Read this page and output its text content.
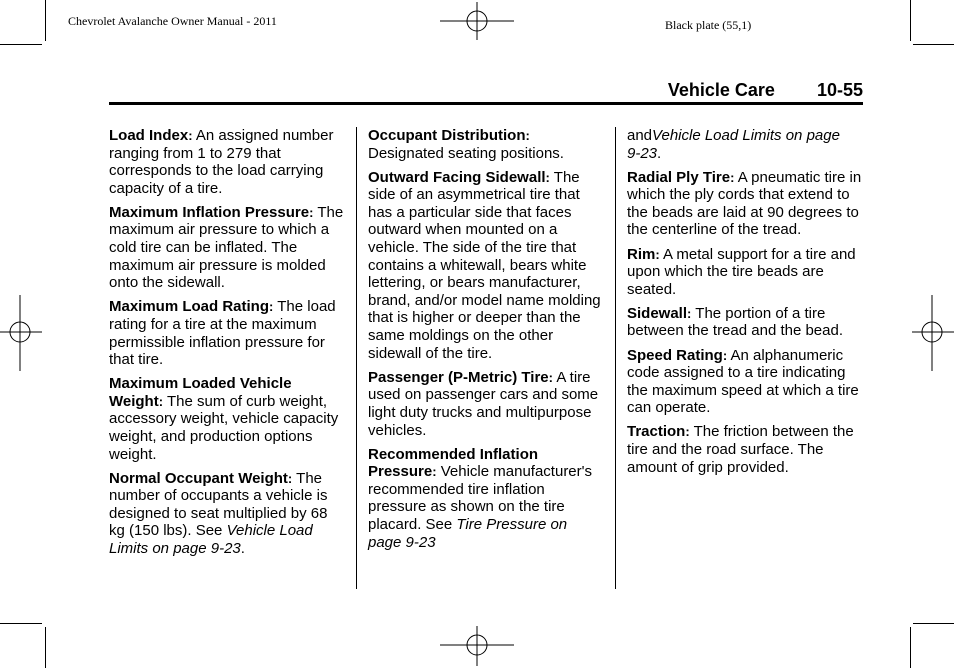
Chevrolet Avalanche Owner Manual - 2011	Black plate (55,1)
Vehicle Care 10-55

Load Index: An assigned number ranging from 1 to 279 that corresponds to the load carrying capacity of a tire.

Maximum Inflation Pressure: The maximum air pressure to which a cold tire can be inflated. The maximum air pressure is molded onto the sidewall.

Maximum Load Rating: The load rating for a tire at the maximum permissible inflation pressure for that tire.

Maximum Loaded Vehicle Weight: The sum of curb weight, accessory weight, vehicle capacity weight, and production options weight.

Normal Occupant Weight: The number of occupants a vehicle is designed to seat multiplied by 68 kg (150 lbs). See Vehicle Load Limits on page 9‑23.

Occupant Distribution: Designated seating positions.

Outward Facing Sidewall: The side of an asymmetrical tire that has a particular side that faces outward when mounted on a vehicle. The side of the tire that contains a whitewall, bears white lettering, or bears manufacturer, brand, and/or model name molding that is higher or deeper than the same moldings on the other sidewall of the tire.

Passenger (P‑Metric) Tire: A tire used on passenger cars and some light duty trucks and multipurpose vehicles.

Recommended Inflation Pressure: Vehicle manufacturer's recommended tire inflation pressure as shown on the tire placard. See Tire Pressure on page 9‑23

andVehicle Load Limits on page 9‑23.

Radial Ply Tire: A pneumatic tire in which the ply cords that extend to the beads are laid at 90 degrees to the centerline of the tread.

Rim: A metal support for a tire and upon which the tire beads are seated.

Sidewall: The portion of a tire between the tread and the bead.

Speed Rating: An alphanumeric code assigned to a tire indicating the maximum speed at which a tire can operate.

Traction: The friction between the tire and the road surface. The amount of grip provided.
